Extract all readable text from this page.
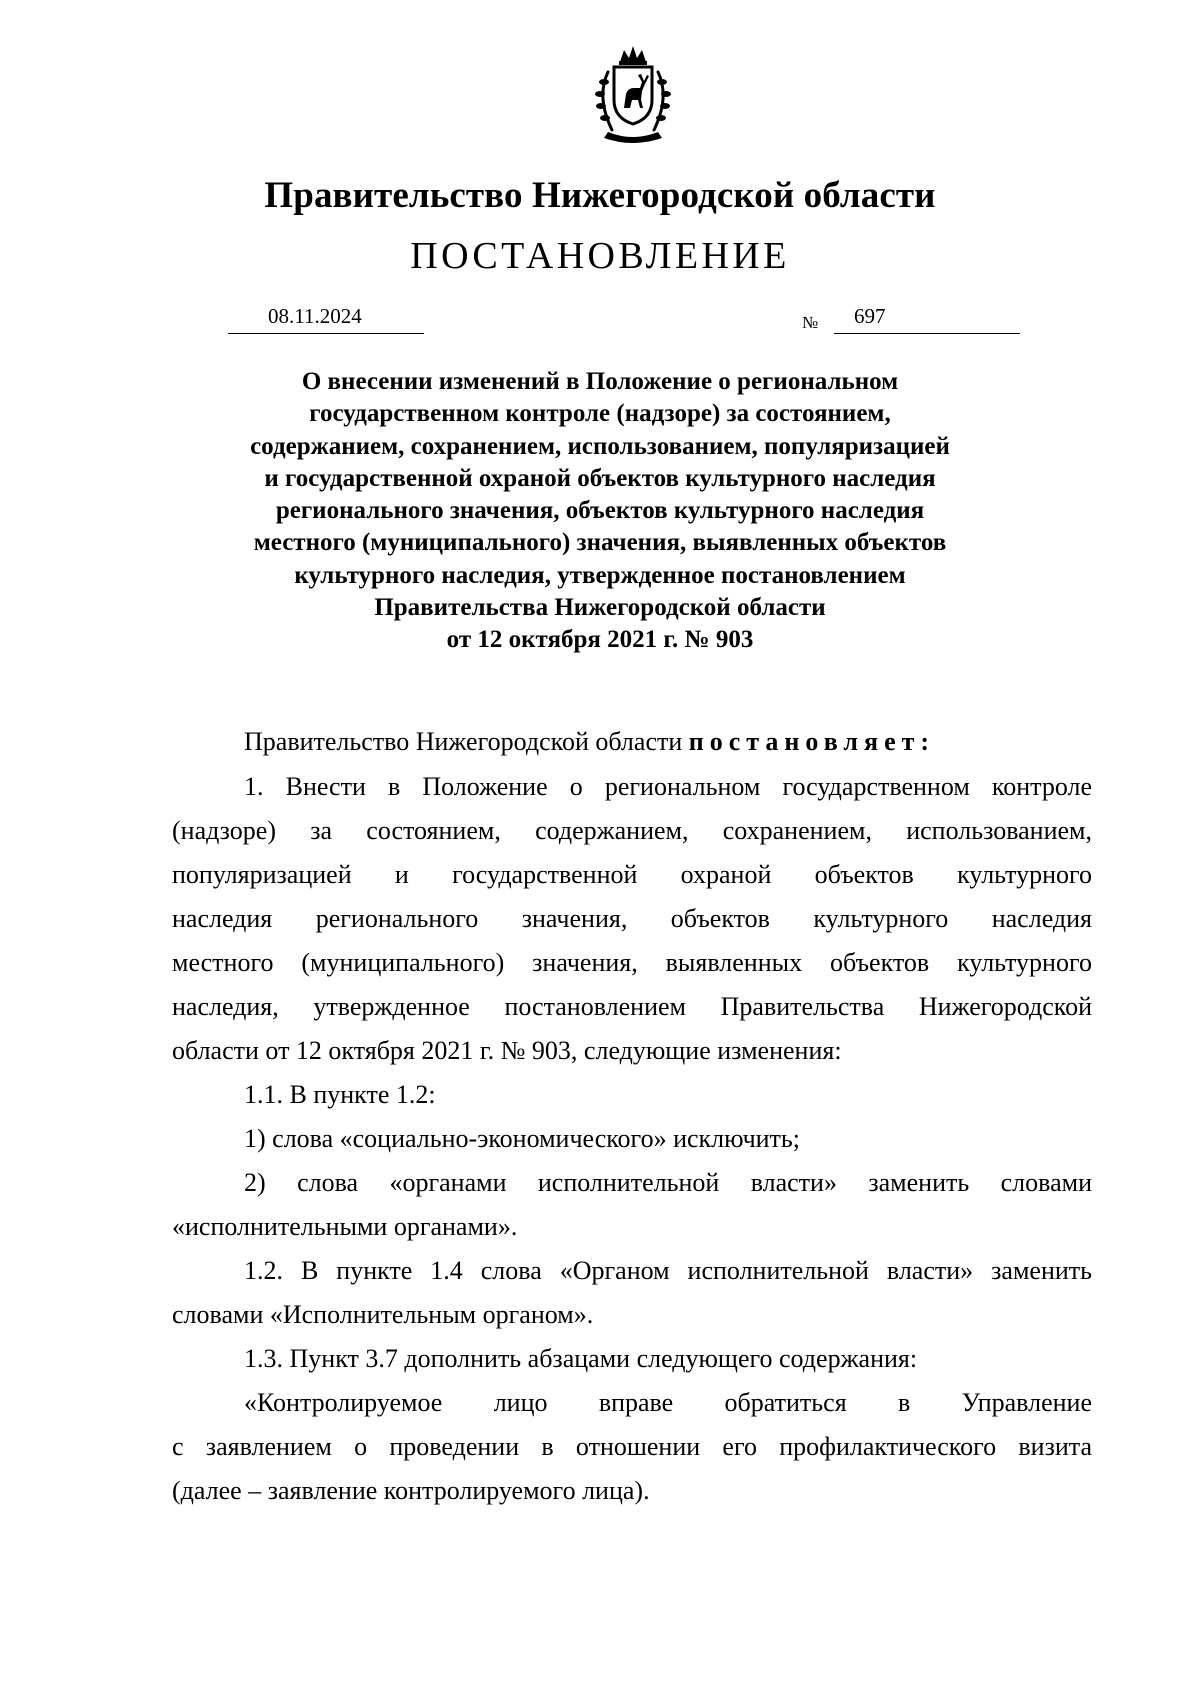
Правительство Нижегородской области
ПОСТАНОВЛЕНИЕ
08.11.2024	№ 697
О внесении изменений в Положение о региональном
государственном контроле (надзоре) за состоянием,
содержанием, сохранением, использованием, популяризацией
и государственной охраной объектов культурного наследия
регионального значения, объектов культурного наследия
местного (муниципального) значения, выявленных объектов
культурного наследия, утвержденное постановлением
Правительства Нижегородской области
от 12 октября 2021 г. № 903
Правительство Нижегородской области постановляет:
1. Внести в Положение о региональном государственном контроле
(надзоре) за состоянием, содержанием, сохранением, использованием,
популяризацией и государственной охраной объектов культурного
наследия регионального значения, объектов культурного наследия
местного (муниципального) значения, выявленных объектов культурного
наследия, утвержденное постановлением Правительства Нижегородской
области от 12 октября 2021 г. № 903, следующие изменения:
1.1. В пункте 1.2:
1) слова «социально-экономического» исключить;
2) слова «органами исполнительной власти» заменить словами
«исполнительными органами».
1.2. В пункте 1.4 слова «Органом исполнительной власти» заменить
словами «Исполнительным органом».
1.3. Пункт 3.7 дополнить абзацами следующего содержания:
«Контролируемое лицо вправе обратиться в Управление
с заявлением о проведении в отношении его профилактического визита
(далее – заявление контролируемого лица).
